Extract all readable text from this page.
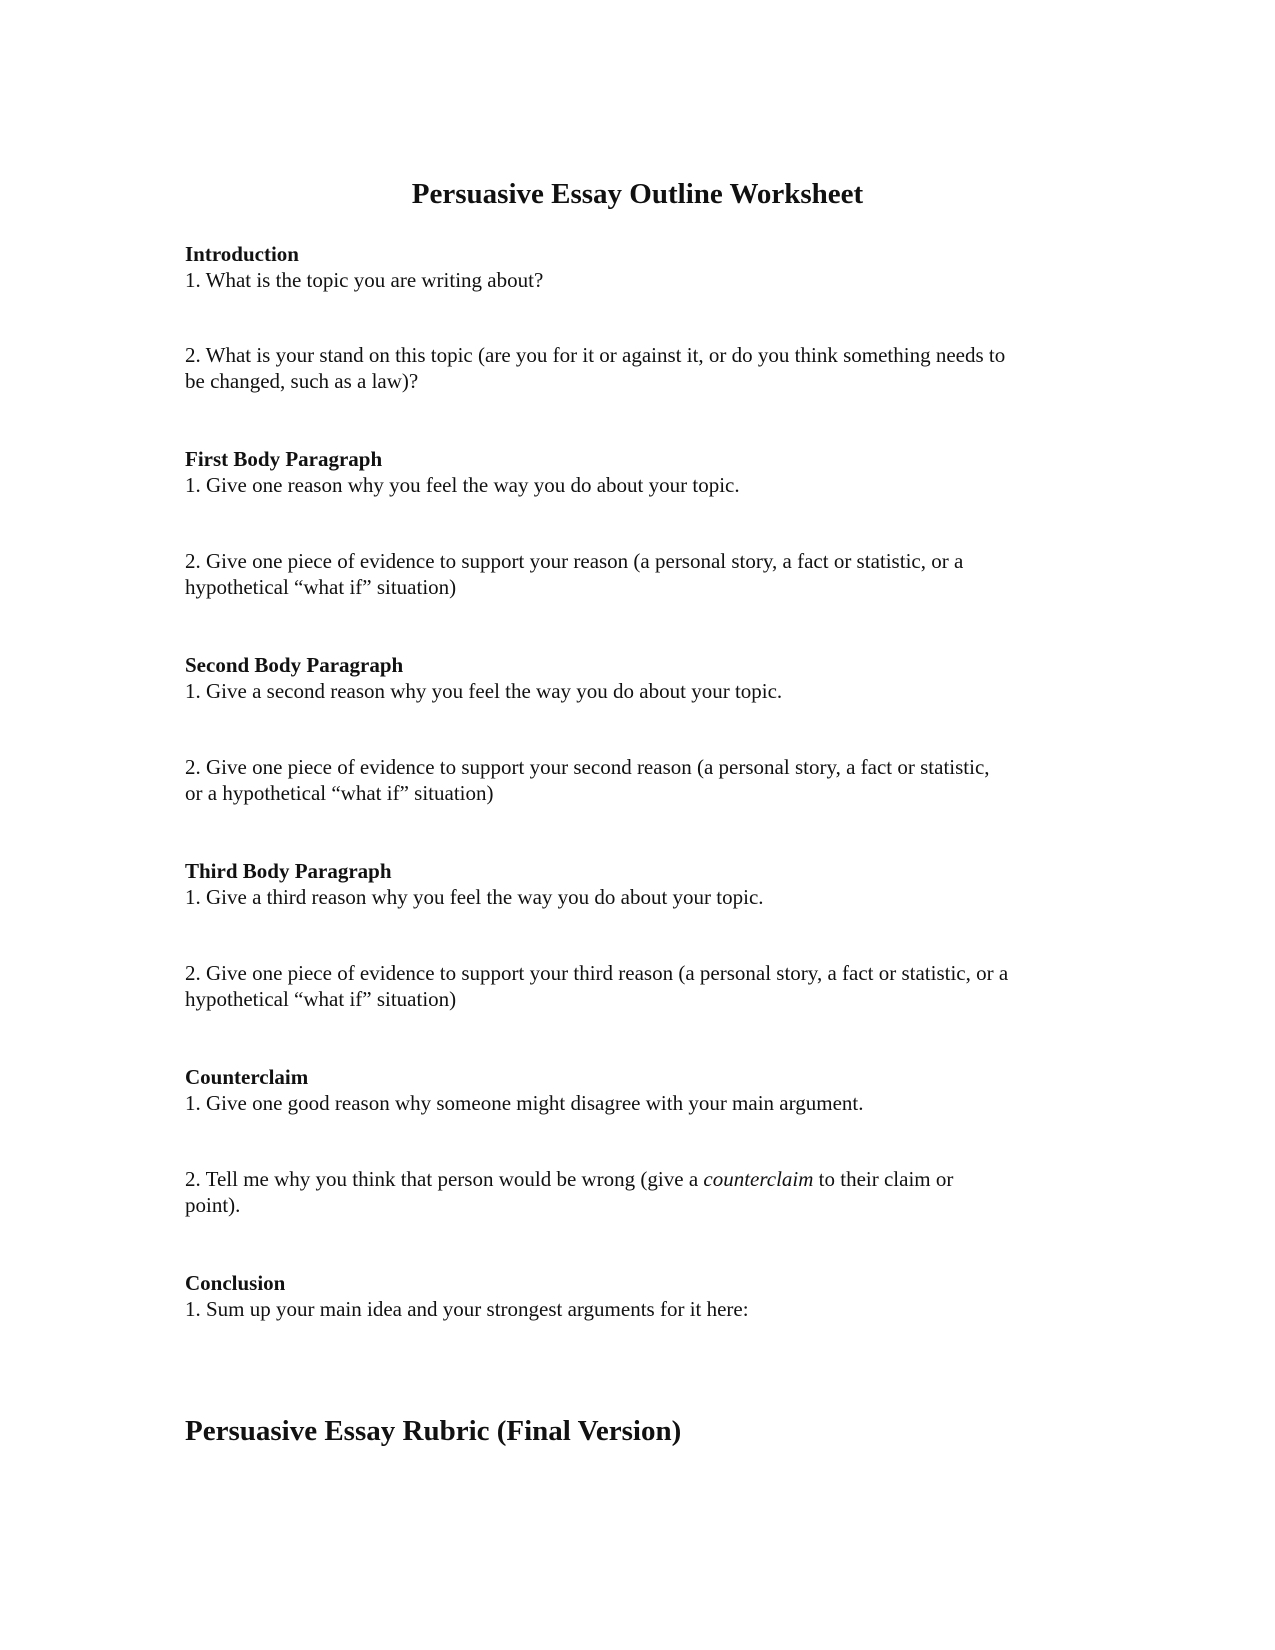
Persuasive Essay Outline Worksheet
Introduction
1. What is the topic you are writing about?
2. What is your stand on this topic (are you for it or against it, or do you think something needs to
be changed, such as a law)?
First Body Paragraph
1. Give one reason why you feel the way you do about your topic.
2. Give one piece of evidence to support your reason (a personal story, a fact or statistic, or a
hypothetical “what if” situation)
Second Body Paragraph
1. Give a second reason why you feel the way you do about your topic.
2. Give one piece of evidence to support your second reason (a personal story, a fact or statistic,
or a hypothetical “what if” situation)
Third Body Paragraph
1. Give a third reason why you feel the way you do about your topic.
2. Give one piece of evidence to support your third reason (a personal story, a fact or statistic, or a
hypothetical “what if” situation)
Counterclaim
1. Give one good reason why someone might disagree with your main argument.
2. Tell me why you think that person would be wrong (give a counterclaim to their claim or
point).
Conclusion
1. Sum up your main idea and your strongest arguments for it here:
Persuasive Essay Rubric (Final Version)
